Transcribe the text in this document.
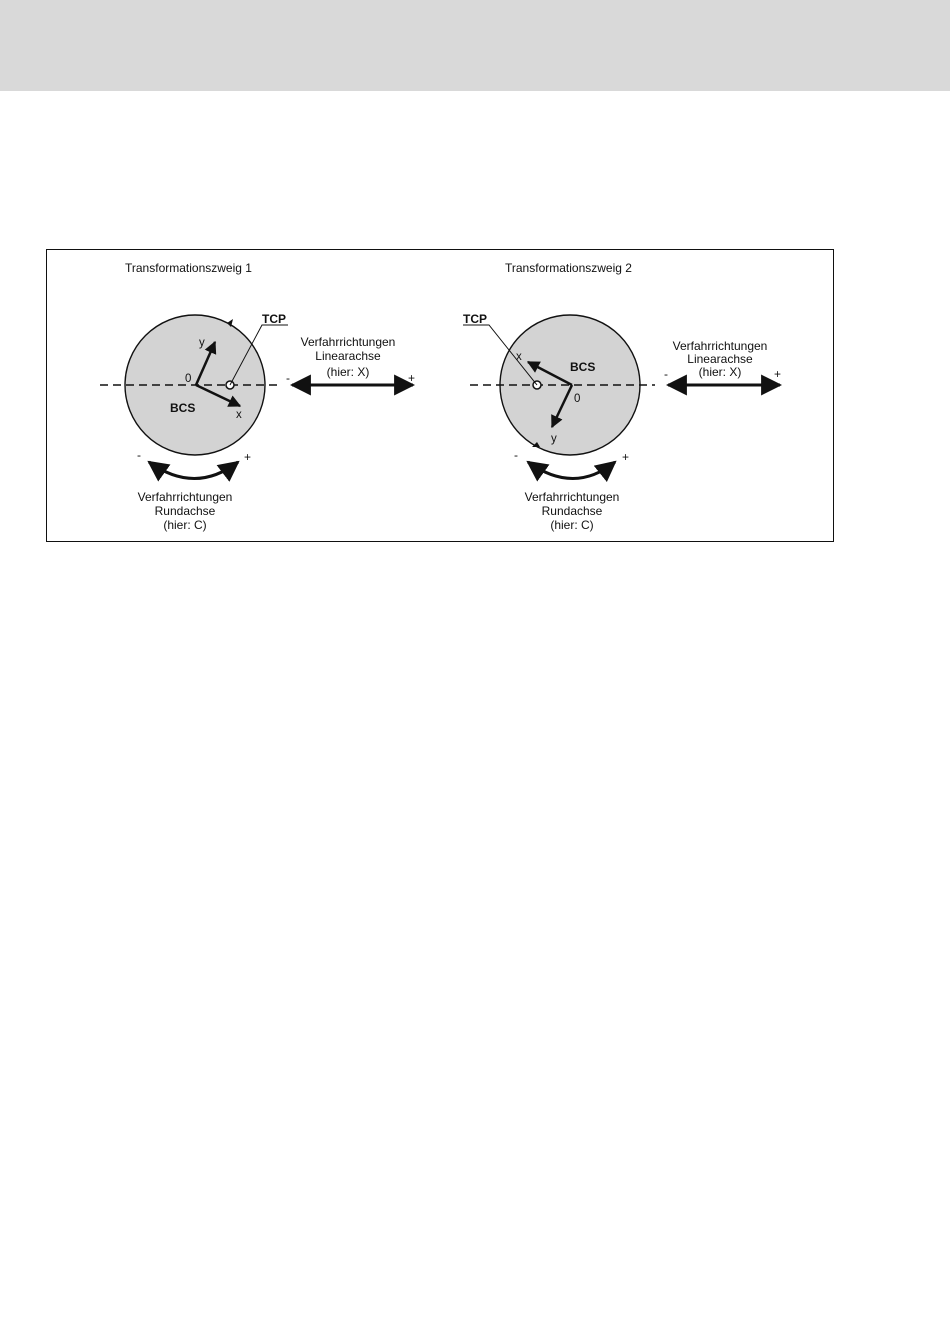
Transformationszweig 1
y
x
0
BCS
TCP
Verfahrrichtungen
Linearachse
(hier: X)
-	+
-	+
Verfahrrichtungen
Rundachse
(hier: C)
Transformationszweig 2
x
y
0
BCS
TCP
Verfahrrichtungen
Linearachse
(hier: X)
-	+
-	+
Verfahrrichtungen
Rundachse
(hier: C)
